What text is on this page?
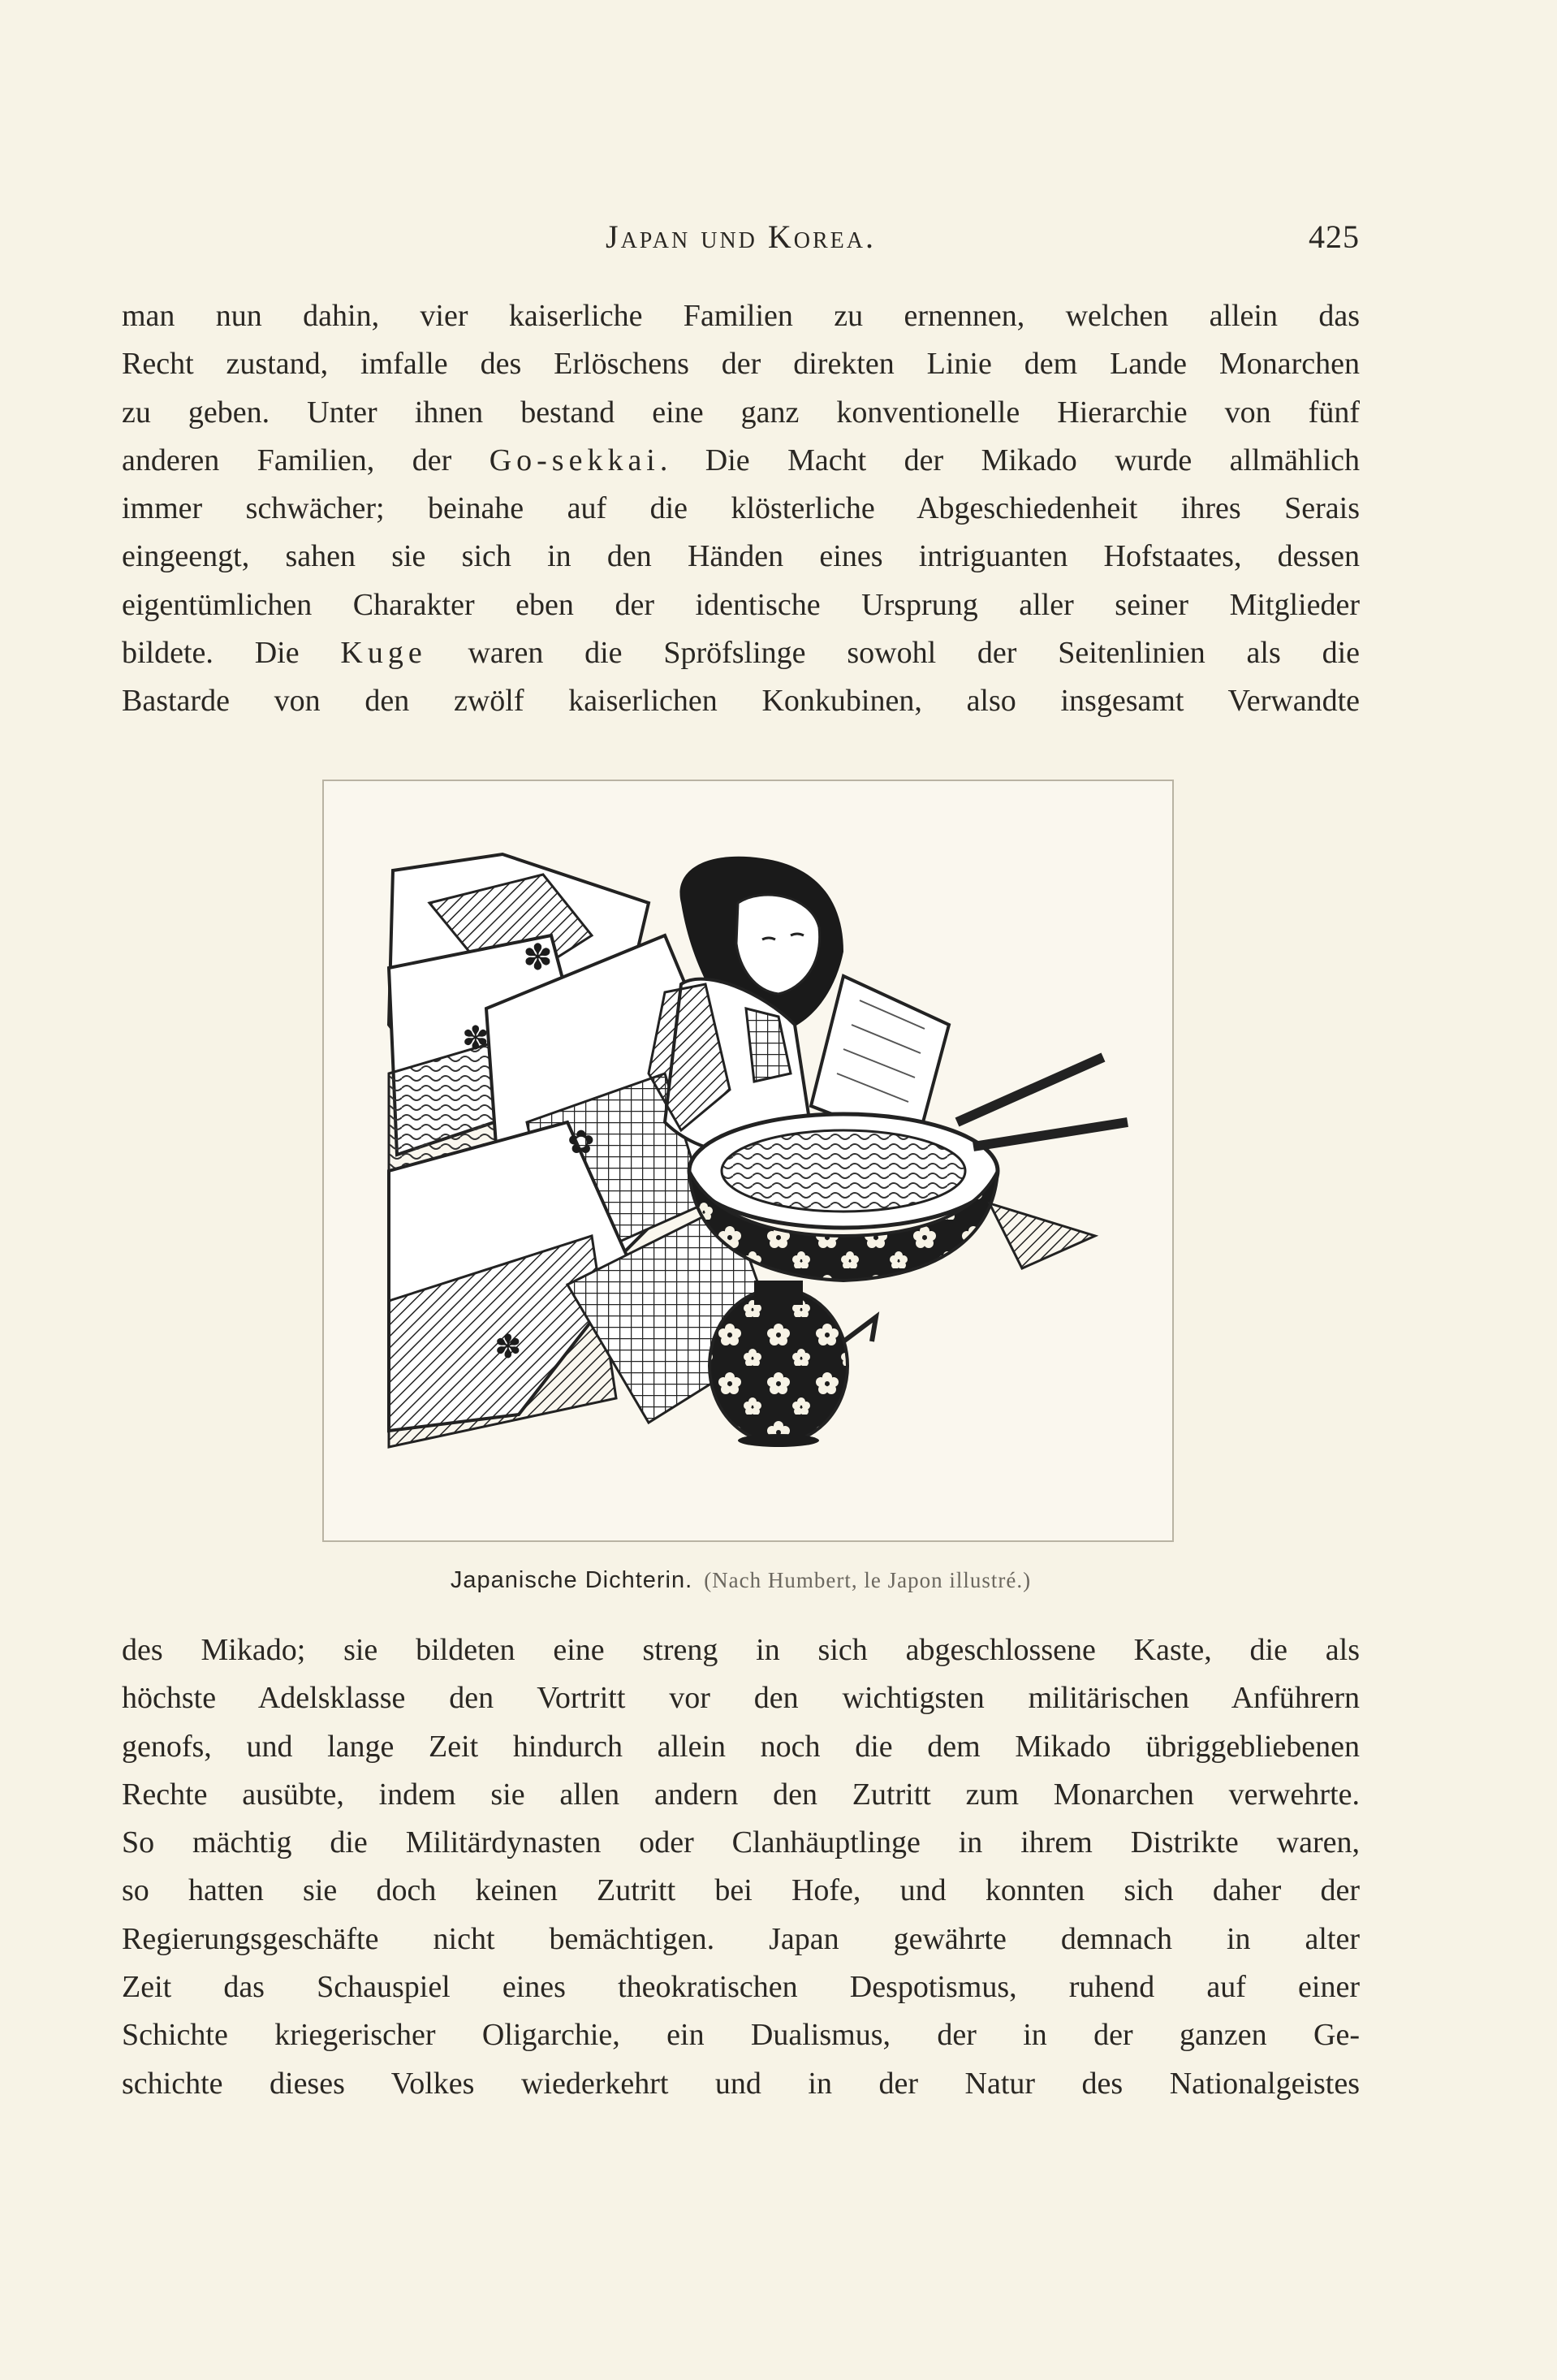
Japan und Korea.	425
man nun dahin, vier kaiserliche Familien zu ernennen, welchen allein das
Recht zustand, imfalle des Erlöschens der direkten Linie dem Lande Monarchen
zu geben. Unter ihnen bestand eine ganz konventionelle Hierarchie von fünf
anderen Familien, der Go-sekkai. Die Macht der Mikado wurde allmählich
immer schwächer; beinahe auf die klösterliche Abgeschiedenheit ihres Serais
eingeengt, sahen sie sich in den Händen eines intriguanten Hofstaates, dessen
eigentümlichen Charakter eben der identische Ursprung aller seiner Mitglieder
bildete. Die Kuge waren die Spröfslinge sowohl der Seitenlinien als die
Bastarde von den zwölf kaiserlichen Konkubinen, also insgesamt Verwandte
✽
✽
✿
✽
Japanische Dichterin. (Nach Humbert, le Japon illustré.)
des Mikado; sie bildeten eine streng in sich abgeschlossene Kaste, die als
höchste Adelsklasse den Vortritt vor den wichtigsten militärischen Anführern
genofs, und lange Zeit hindurch allein noch die dem Mikado übriggebliebenen
Rechte ausübte, indem sie allen andern den Zutritt zum Monarchen verwehrte.
So mächtig die Militärdynasten oder Clanhäuptlinge in ihrem Distrikte waren,
so hatten sie doch keinen Zutritt bei Hofe, und konnten sich daher der
Regierungsgeschäfte nicht bemächtigen. Japan gewährte demnach in alter
Zeit das Schauspiel eines theokratischen Despotismus, ruhend auf einer
Schichte kriegerischer Oligarchie, ein Dualismus, der in der ganzen Ge-
schichte dieses Volkes wiederkehrt und in der Natur des Nationalgeistes
